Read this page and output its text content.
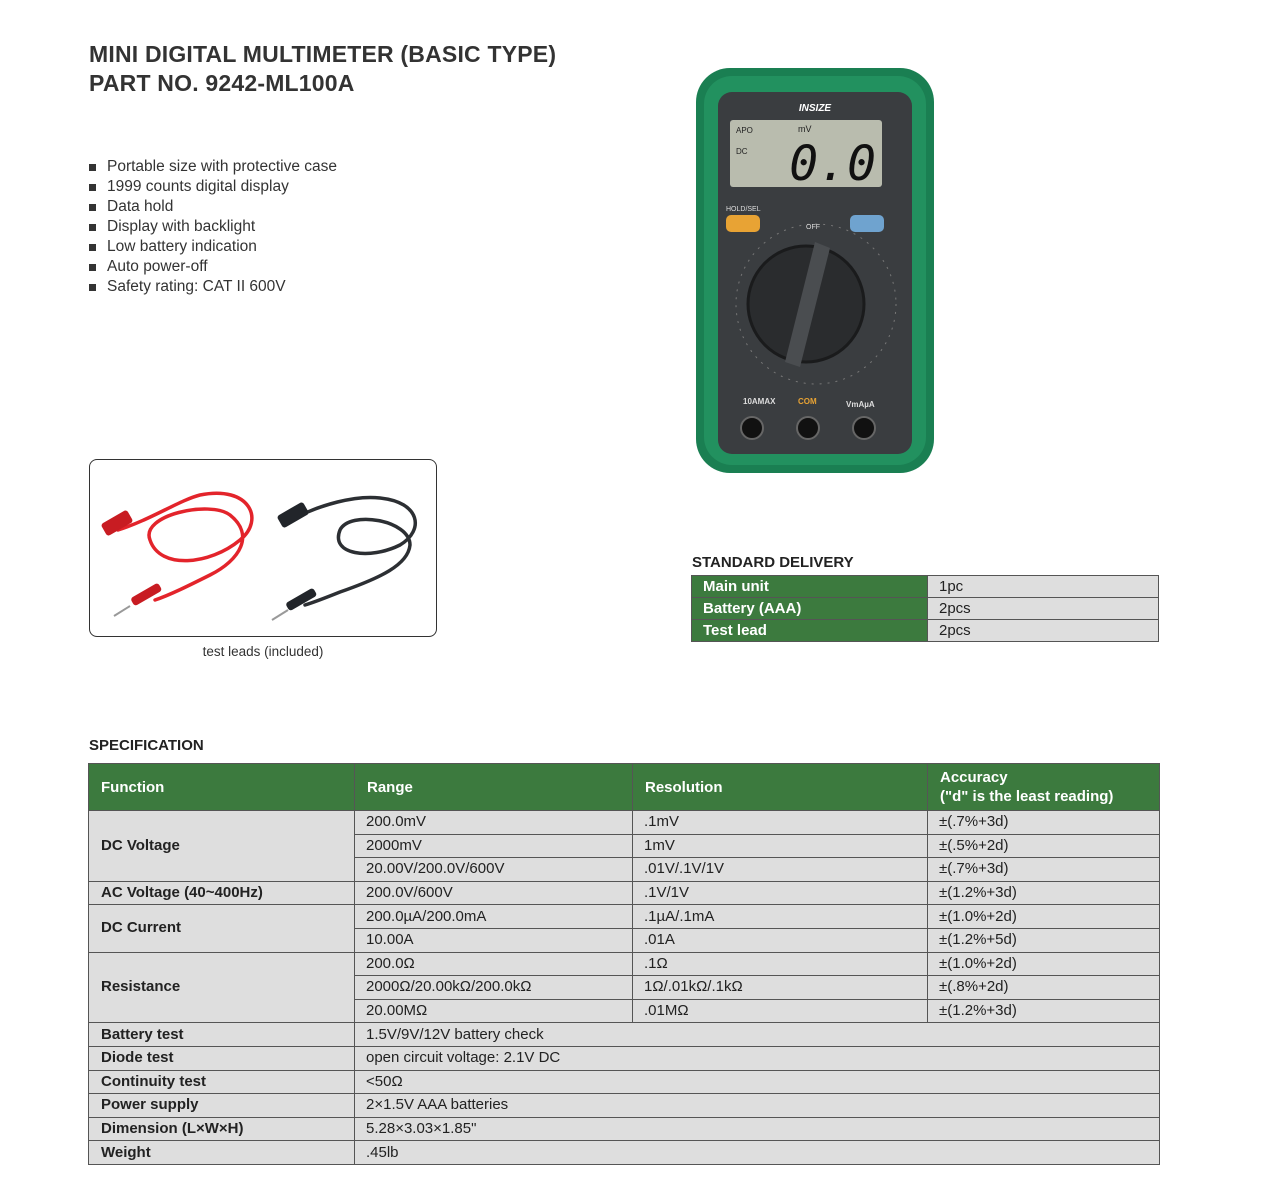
MINI DIGITAL MULTIMETER (BASIC TYPE)
PART NO. 9242-ML100A
Portable size with protective case
1999 counts digital display
Data hold
Display with backlight
Low battery indication
Auto power-off
Safety rating: CAT II 600V
test leads (included)
INSIZE
APO
DC
mV
0.0
HOLD/SEL
OFF
10AMAX	COM	VmAµA
STANDARD DELIVERY
Main unit	1pc
Battery (AAA)	2pcs
Test lead	2pcs
SPECIFICATION
Function	Range	Resolution	Accuracy
("d" is the least reading)

DC Voltage	200.0mV	.1mV	±(.7%+3d)
	2000mV	1mV	±(.5%+2d)
	20.00V/200.0V/600V	.01V/.1V/1V	±(.7%+3d)
AC Voltage (40~400Hz)	200.0V/600V	.1V/1V	±(1.2%+3d)
DC Current	200.0µA/200.0mA	.1µA/.1mA	±(1.0%+2d)
	10.00A	.01A	±(1.2%+5d)
Resistance	200.0Ω	.1Ω	±(1.0%+2d)
	2000Ω/20.00kΩ/200.0kΩ	1Ω/.01kΩ/.1kΩ	±(.8%+2d)
	20.00MΩ	.01MΩ	±(1.2%+3d)
Battery test	1.5V/9V/12V battery check		
Diode test	open circuit voltage: 2.1V DC		
Continuity test	<50Ω		
Power supply	2×1.5V AAA batteries		
Dimension (L×W×H)	5.28×3.03×1.85"		
Weight	.45lb		
